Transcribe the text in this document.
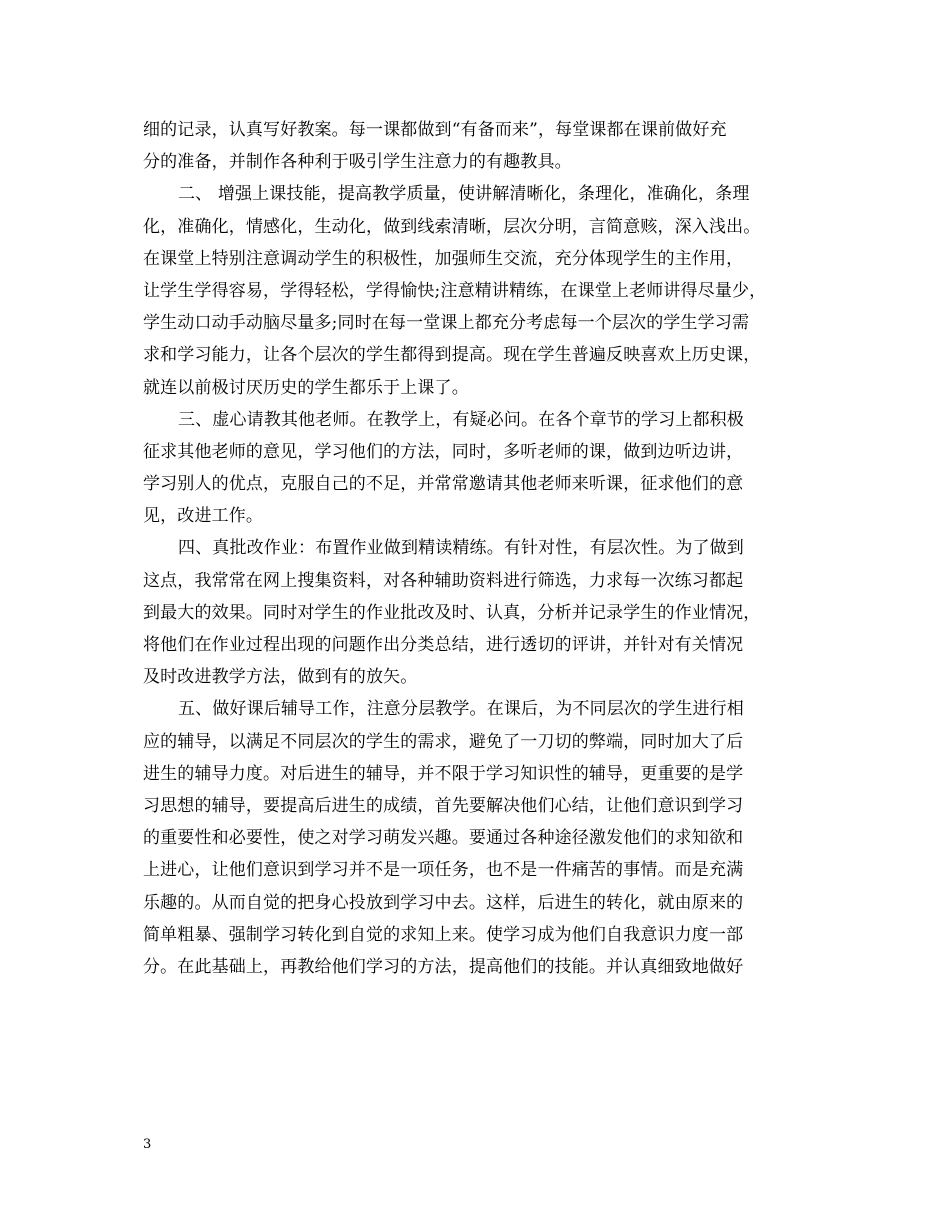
细的记录，认真写好教案。每一课都做到“有备而来”，每堂课都在课前做好充
分的准备，并制作各种利于吸引学生注意力的有趣教具。
二、 增强上课技能，提高教学质量，使讲解清晰化，条理化，准确化，条理
化，准确化，情感化，生动化，做到线索清晰，层次分明，言简意赅，深入浅出。
在课堂上特别注意调动学生的积极性，加强师生交流，充分体现学生的主作用，
让学生学得容易，学得轻松，学得愉快;注意精讲精练，在课堂上老师讲得尽量少，
学生动口动手动脑尽量多;同时在每一堂课上都充分考虑每一个层次的学生学习需
求和学习能力，让各个层次的学生都得到提高。现在学生普遍反映喜欢上历史课，
就连以前极讨厌历史的学生都乐于上课了。
三、虚心请教其他老师。在教学上，有疑必问。在各个章节的学习上都积极
征求其他老师的意见，学习他们的方法，同时，多听老师的课，做到边听边讲，
学习别人的优点，克服自己的不足，并常常邀请其他老师来听课，征求他们的意
见，改进工作。
四、真批改作业：布置作业做到精读精练。有针对性，有层次性。为了做到
这点，我常常在网上搜集资料，对各种辅助资料进行筛选，力求每一次练习都起
到最大的效果。同时对学生的作业批改及时、认真，分析并记录学生的作业情况，
将他们在作业过程出现的问题作出分类总结，进行透切的评讲，并针对有关情况
及时改进教学方法，做到有的放矢。
五、做好课后辅导工作，注意分层教学。在课后，为不同层次的学生进行相
应的辅导，以满足不同层次的学生的需求，避免了一刀切的弊端，同时加大了后
进生的辅导力度。对后进生的辅导，并不限于学习知识性的辅导，更重要的是学
习思想的辅导，要提高后进生的成绩，首先要解决他们心结，让他们意识到学习
的重要性和必要性，使之对学习萌发兴趣。要通过各种途径激发他们的求知欲和
上进心，让他们意识到学习并不是一项任务，也不是一件痛苦的事情。而是充满
乐趣的。从而自觉的把身心投放到学习中去。这样，后进生的转化，就由原来的
简单粗暴、强制学习转化到自觉的求知上来。使学习成为他们自我意识力度一部
分。在此基础上，再教给他们学习的方法，提高他们的技能。并认真细致地做好
3
